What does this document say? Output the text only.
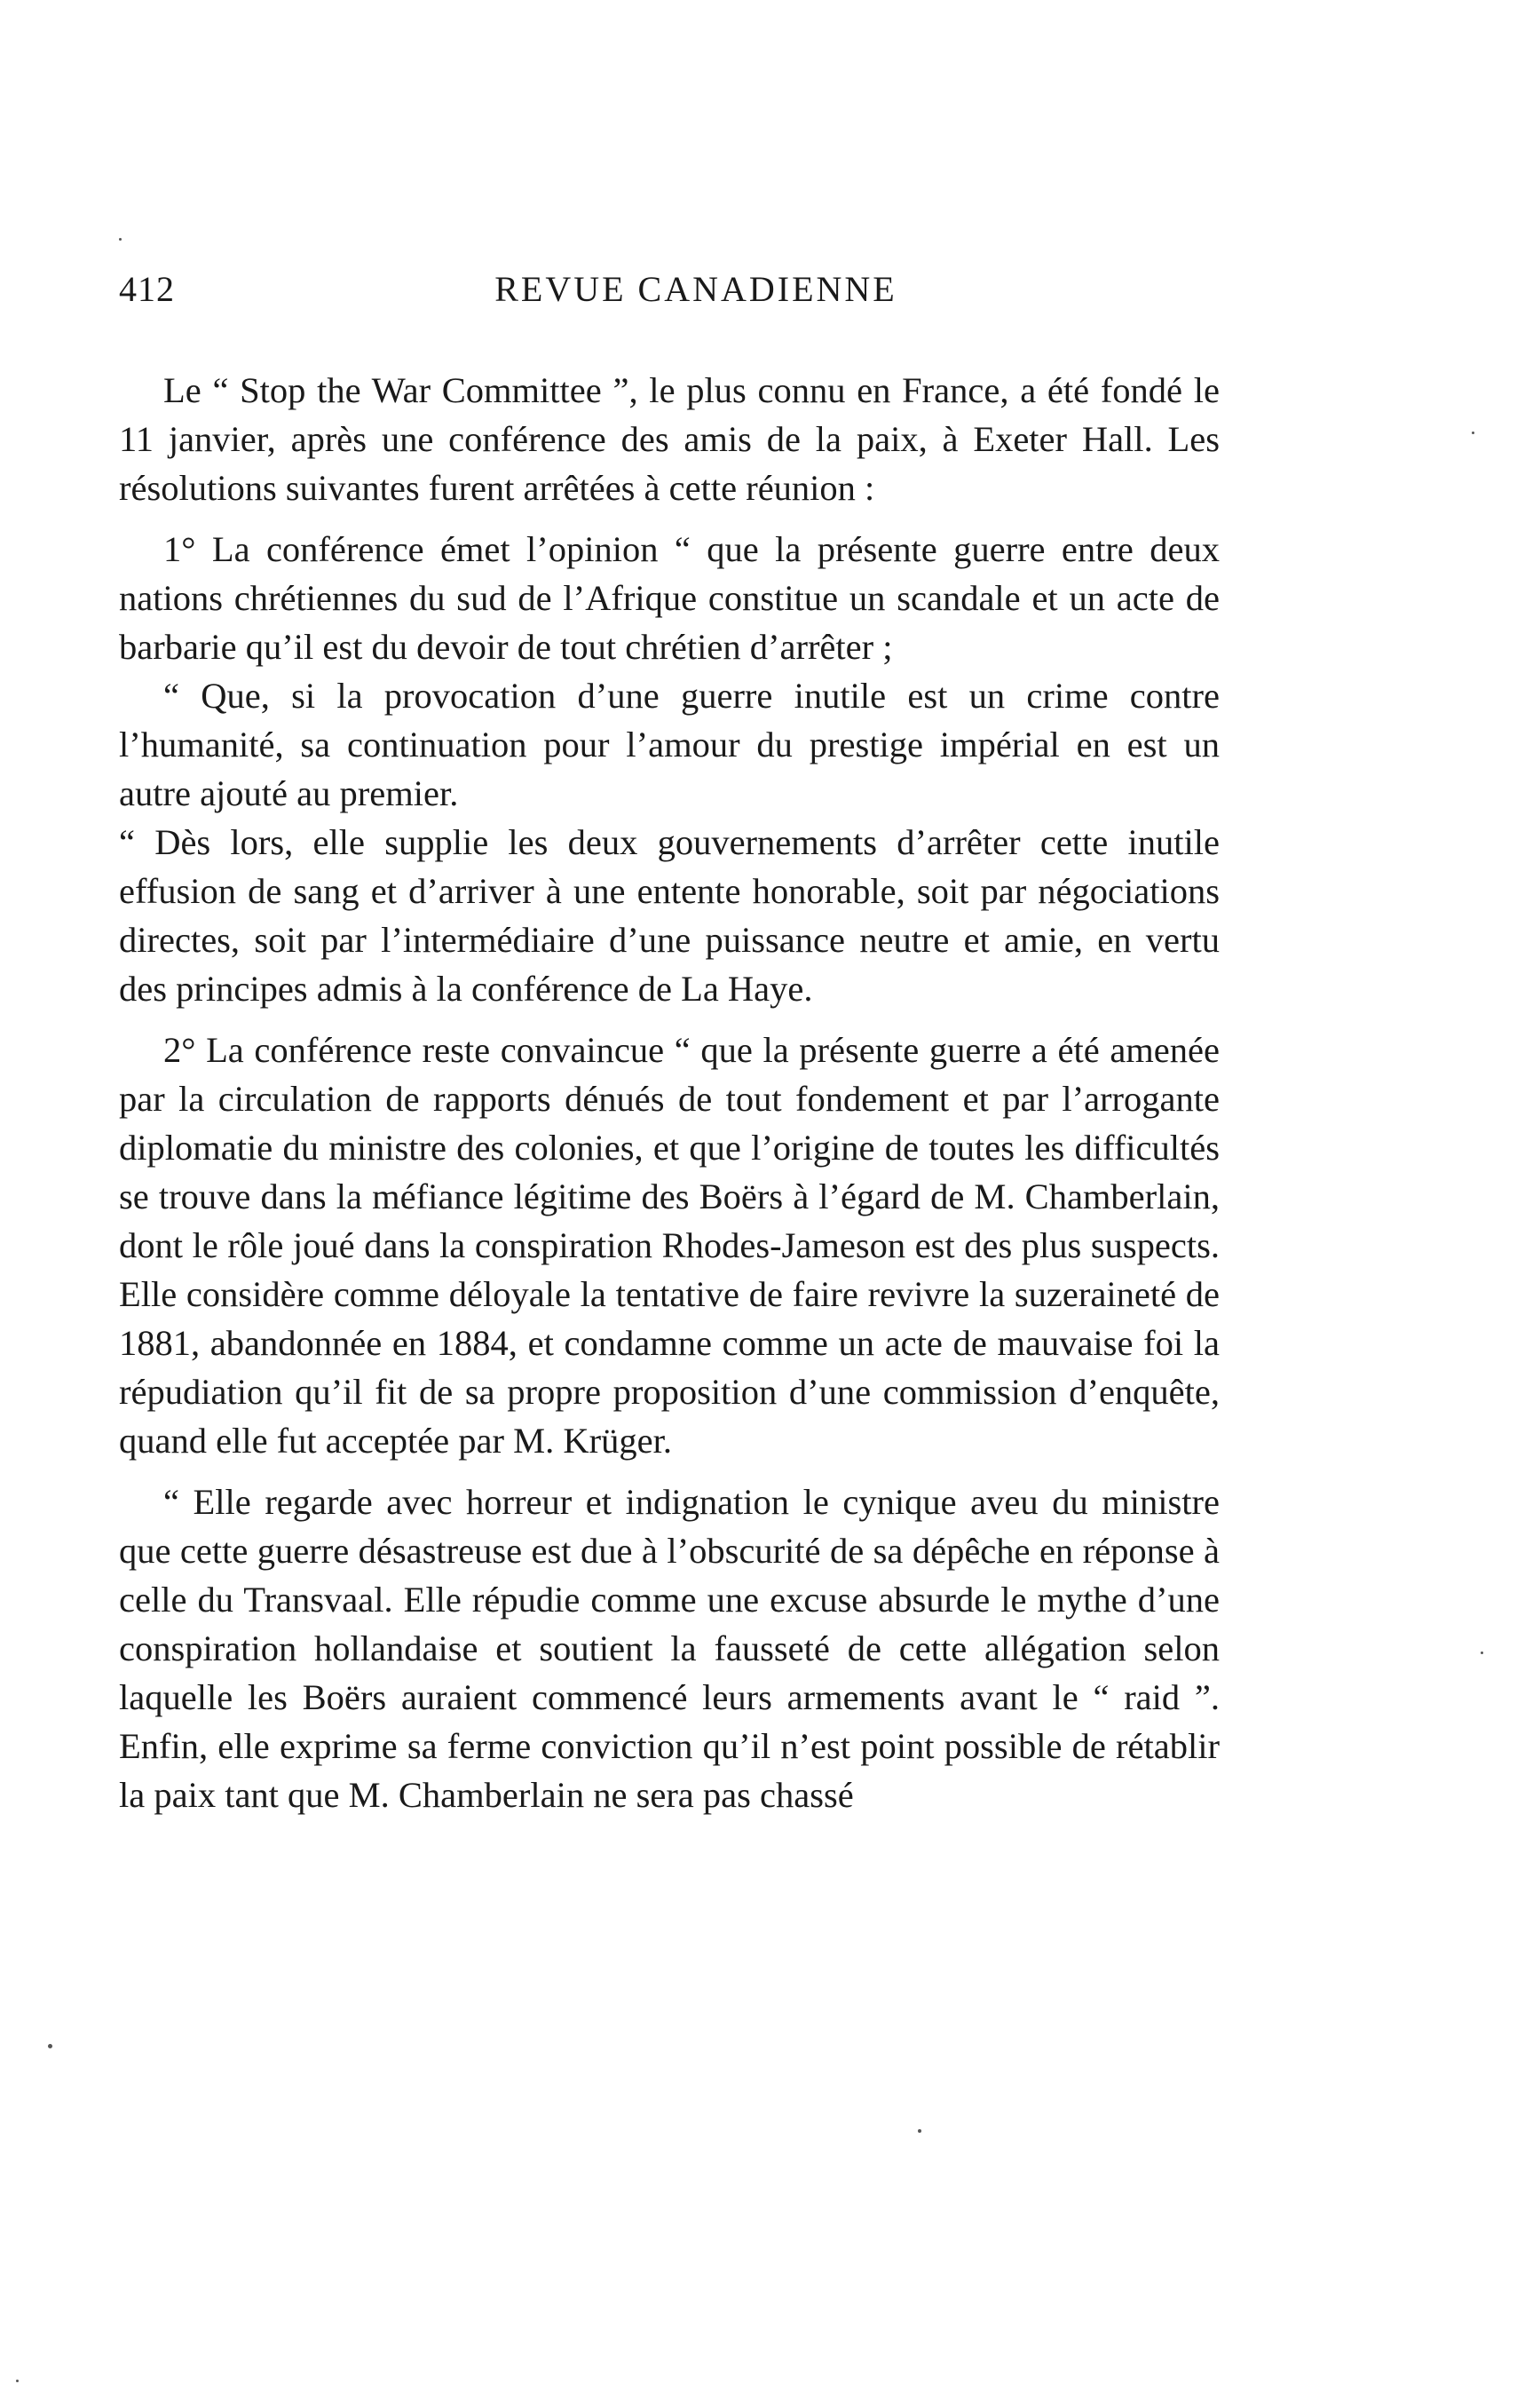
412	REVUE CANADIENNE

Le “ Stop the War Committee ”, le plus connu en France, a été fondé le 11 janvier, après une conférence des amis de la paix, à Exeter Hall. Les résolutions suivantes furent arrêtées à cette réunion :

1° La conférence émet l’opinion “ que la présente guerre entre deux nations chrétiennes du sud de l’Afrique constitue un scandale et un acte de barbarie qu’il est du devoir de tout chrétien d’arrêter ;

“ Que, si la provocation d’une guerre inutile est un crime contre l’humanité, sa continuation pour l’amour du prestige impérial en est un autre ajouté au premier.

“ Dès lors, elle supplie les deux gouvernements d’arrêter cette inutile effusion de sang et d’arriver à une entente honorable, soit par négociations directes, soit par l’intermédiaire d’une puissance neutre et amie, en vertu des principes admis à la conférence de La Haye.

2° La conférence reste convaincue “ que la présente guerre a été amenée par la circulation de rapports dénués de tout fondement et par l’arrogante diplomatie du ministre des colonies, et que l’origine de toutes les difficultés se trouve dans la méfiance légitime des Boërs à l’égard de M. Chamberlain, dont le rôle joué dans la conspiration Rhodes-Jameson est des plus suspects. Elle considère comme déloyale la tentative de faire revivre la suzeraineté de 1881, abandonnée en 1884, et condamne comme un acte de mauvaise foi la répudiation qu’il fit de sa propre proposition d’une commission d’enquête, quand elle fut acceptée par M. Krüger.

“ Elle regarde avec horreur et indignation le cynique aveu du ministre que cette guerre désastreuse est due à l’obscurité de sa dépêche en réponse à celle du Transvaal. Elle répudie comme une excuse absurde le mythe d’une conspiration hollandaise et soutient la fausseté de cette allégation selon laquelle les Boërs auraient commencé leurs armements avant le “ raid ”. Enfin, elle exprime sa ferme conviction qu’il n’est point possible de rétablir la paix tant que M. Chamberlain ne sera pas chassé
